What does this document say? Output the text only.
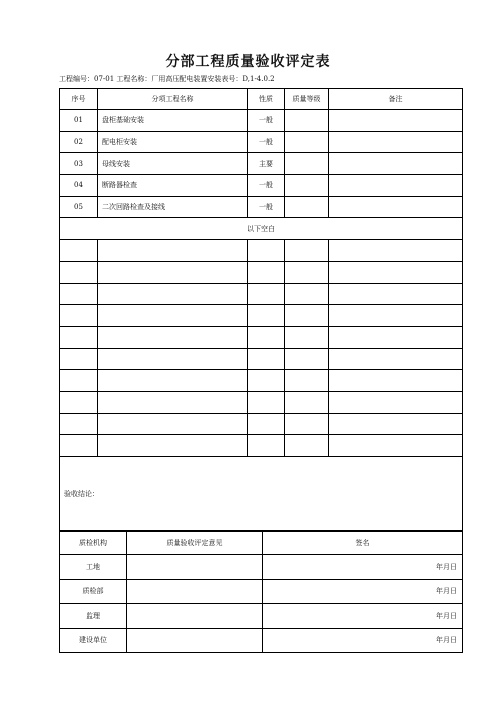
分部工程质量验收评定表
工程编号：07-01 工程名称：厂用高压配电装置安装表号：D,1-4.0.2
序号	分项工程名称	性质	质量等级	备注
01	盘柜基础安装	一般		
02	配电柜安装	一般		
03	母线安装	主要		
04	断路器检查	一般		
05	二次回路检查及接线	一般		
以下空白				

验收结论：				
质检机构	质量验收评定意见	签名
工地		年月日
质检部		年月日
监理		年月日
建设单位		年月日
